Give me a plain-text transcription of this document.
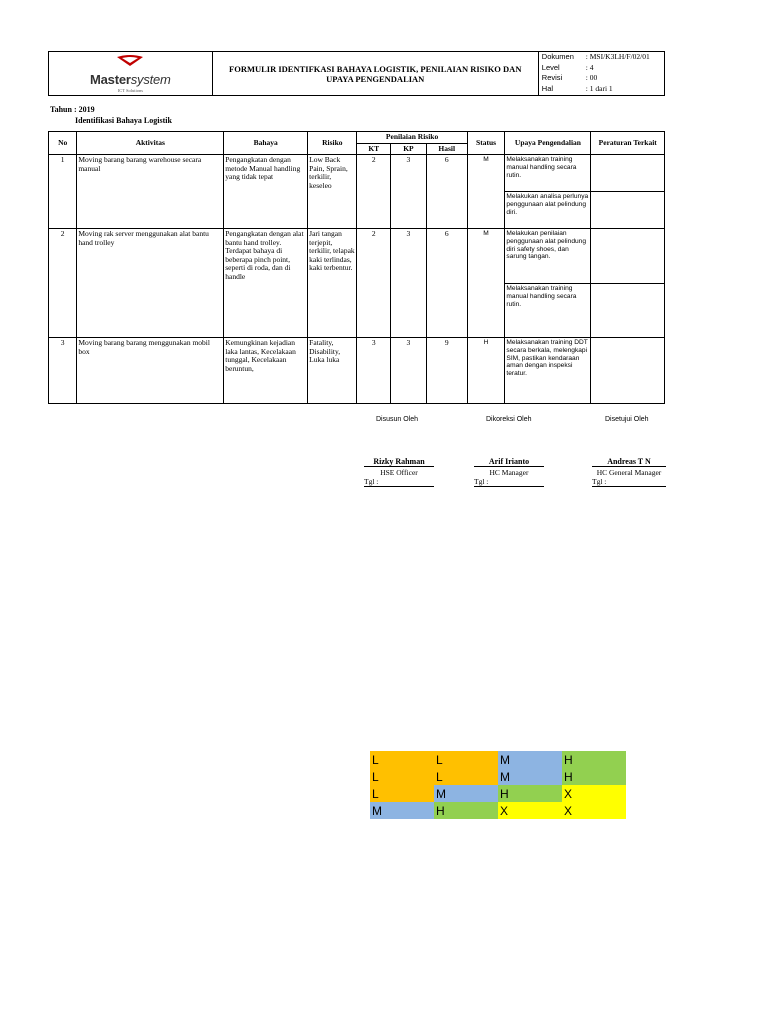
Mastersystem
ICT Solutions
	FORMULIR IDENTIFKASI BAHAYA LOGISTIK, PENILAIAN RISIKO DAN UPAYA PENGENDALIAN	
Dokumen	: MSI/K3LH/F/02/01
Level	: 4
Revisi	: 00
Hal	: 1 dari 1
Tahun : 2019
Identifikasi Bahaya Logistik
No	Aktivitas	Bahaya	Risiko	Penilaian Risiko			Status	Upaya Pengendalian	Peraturan Terkait
				KT	KP	Hasil			
1	Moving barang barang warehouse secara manual	Pengangkatan dengan metode Manual handling yang tidak tepat	Low Back Pain, Sprain, terkilir, keseleo	2	3	6	M	Melaksanakan training manual handling secara rutin.	
								Melakukan analisa perlunya penggunaan alat pelindung diri.	
2	Moving rak server menggunakan alat bantu hand trolley	Pengangkatan dengan alat bantu hand trolley. Terdapat bahaya di beberapa pinch point, seperti di roda, dan di handle	Jari tangan terjepit, terkilir, telapak kaki terlindas, kaki terbentur.	2	3	6	M	Melakukan penilaian penggunaan alat pelindung diri safety shoes, dan sarung tangan.	
								Melaksanakan training manual handling secara rutin.	
3	Moving barang barang menggunakan mobil box	Kemungkinan kejadian laka lantas, Kecelakaan tunggal, Kecelakaan beruntun,	Fatality, Disability, Luka luka	3	3	9	H	Melaksanakan training DDT secara berkala, melengkapi SIM, pastikan kendaraan aman dengan inspeksi teratur.	
Disusun Oleh	Dikoreksi Oleh	Disetujui Oleh
Rizky Rahman
HSE Officer
Tgl :
Arif Irianto
HC Manager
Tgl :
Andreas T N
HC General Manager
Tgl :
L	L	M	H
L	L	M	H
L	M	H	X
M	H	X	X
